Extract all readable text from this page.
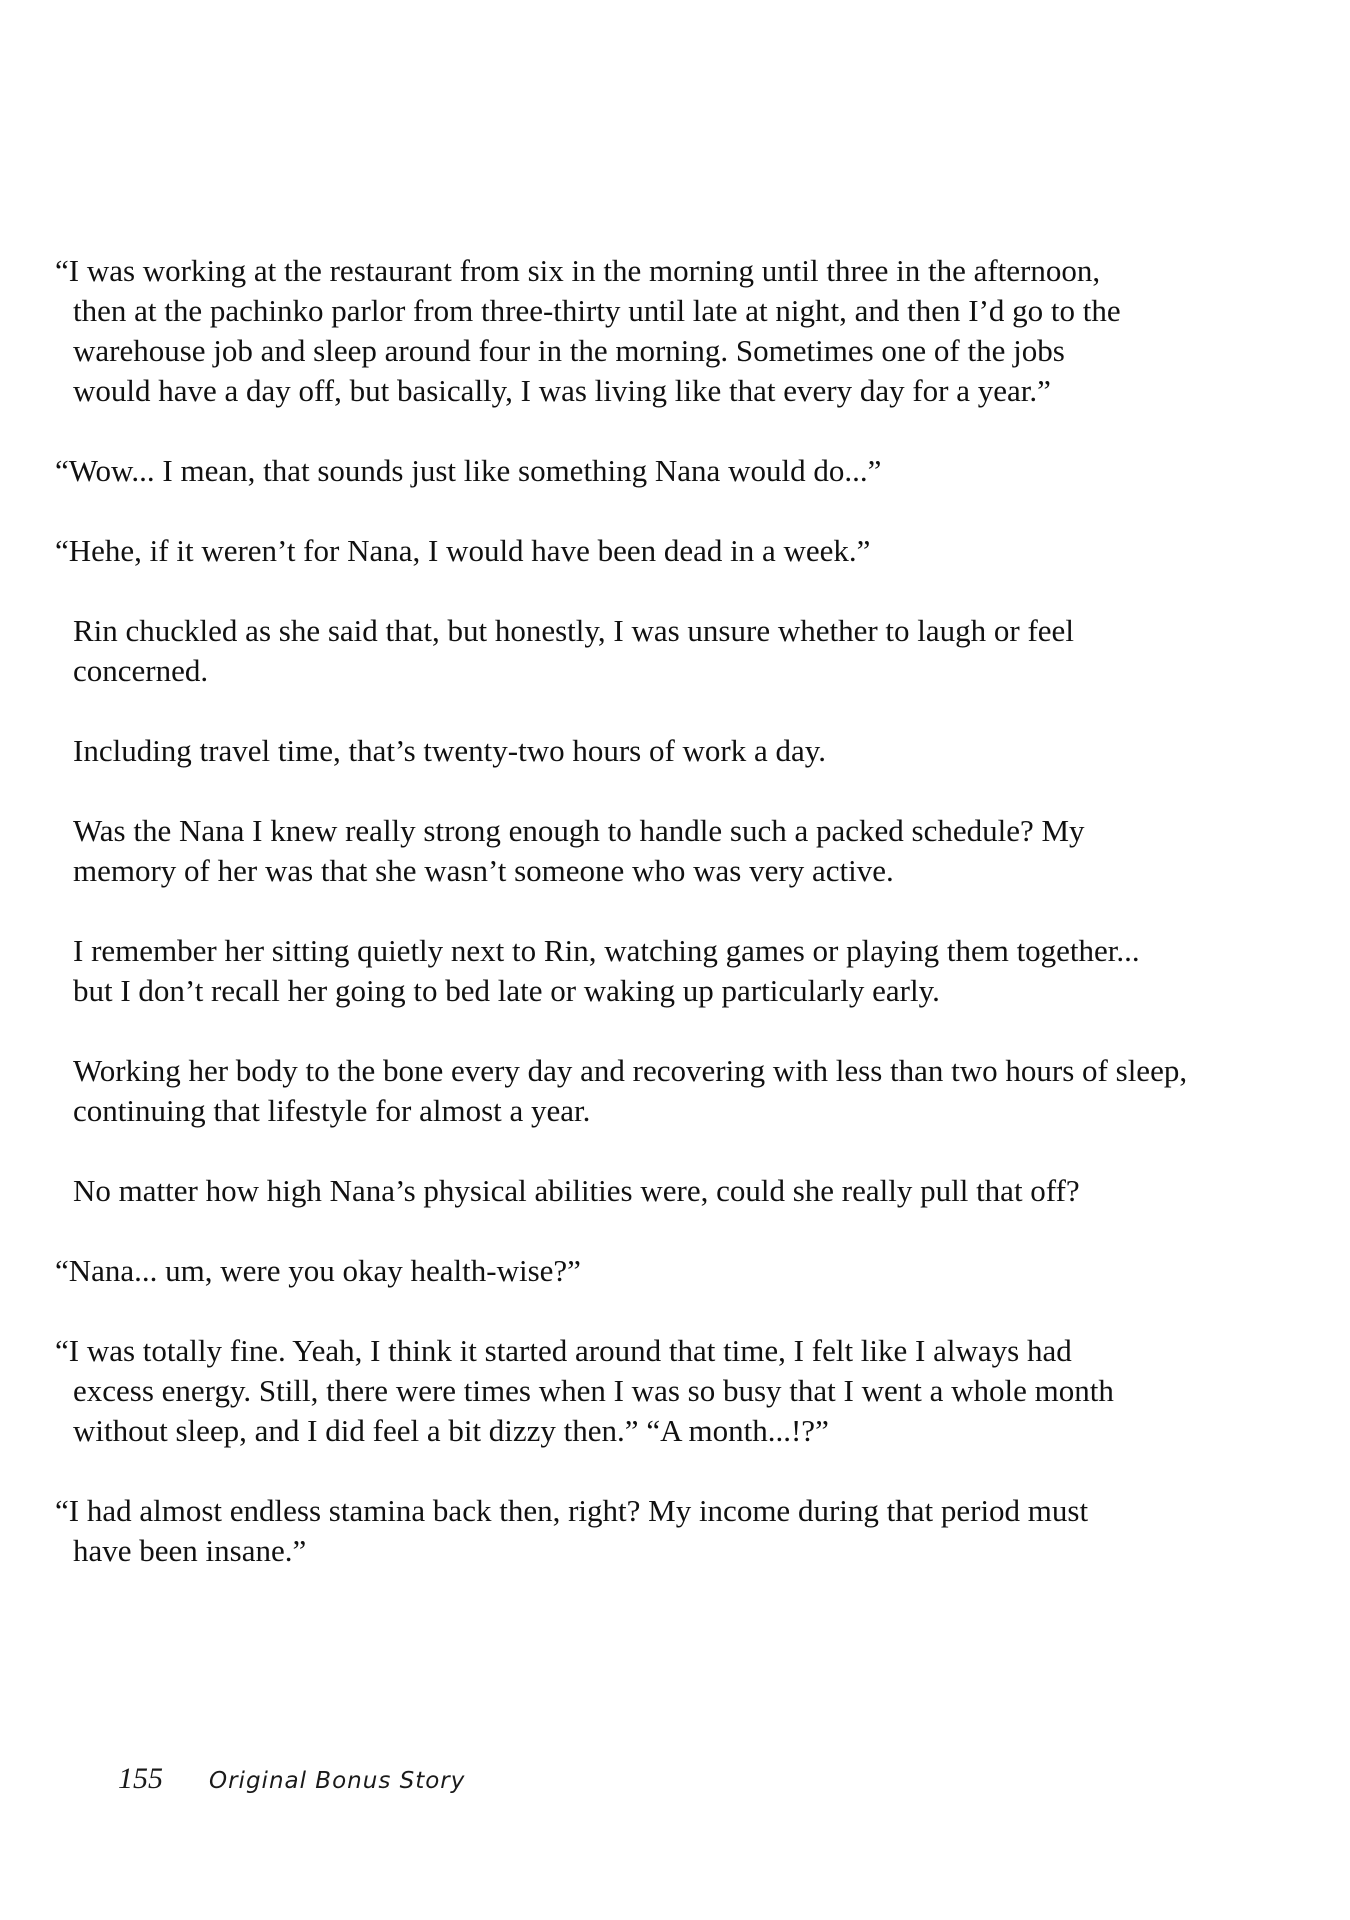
“I was working at the restaurant from six in the morning until three in the afternoon,
then at the pachinko parlor from three-thirty until late at night, and then I’d go to the
warehouse job and sleep around four in the morning. Sometimes one of the jobs
would have a day off, but basically, I was living like that every day for a year.”

“Wow... I mean, that sounds just like something Nana would do...”

“Hehe, if it weren’t for Nana, I would have been dead in a week.”

Rin chuckled as she said that, but honestly, I was unsure whether to laugh or feel
concerned.

Including travel time, that’s twenty-two hours of work a day.

Was the Nana I knew really strong enough to handle such a packed schedule? My
memory of her was that she wasn’t someone who was very active.

I remember her sitting quietly next to Rin, watching games or playing them together...
but I don’t recall her going to bed late or waking up particularly early.

Working her body to the bone every day and recovering with less than two hours of sleep,
continuing that lifestyle for almost a year.

No matter how high Nana’s physical abilities were, could she really pull that off?

“Nana... um, were you okay health-wise?”

“I was totally fine. Yeah, I think it started around that time, I felt like I always had
excess energy. Still, there were times when I was so busy that I went a whole month
without sleep, and I did feel a bit dizzy then.” “A month...!?”

“I had almost endless stamina back then, right? My income during that period must
have been insane.”

155 Original Bonus Story
